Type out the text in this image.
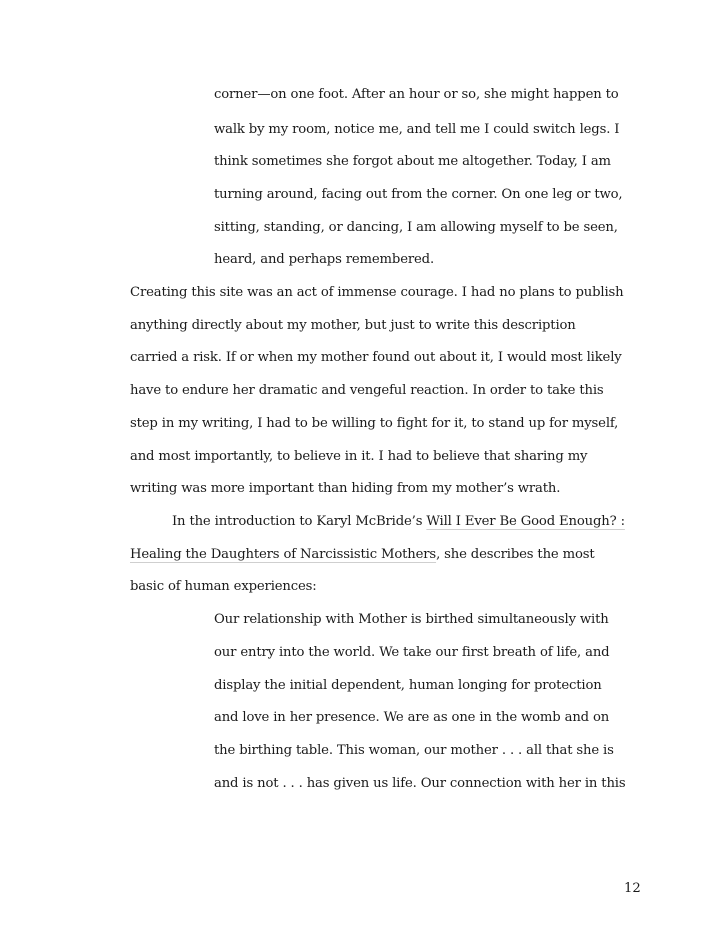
corner—on one foot. After an hour or so, she might happen to
walk by my room, notice me, and tell me I could switch legs. I
think sometimes she forgot about me altogether. Today, I am
turning around, facing out from the corner. On one leg or two,
sitting, standing, or dancing, I am allowing myself to be seen,
heard, and perhaps remembered.
Creating this site was an act of immense courage. I had no plans to publish
anything directly about my mother, but just to write this description
carried a risk. If or when my mother found out about it, I would most likely
have to endure her dramatic and vengeful reaction. In order to take this
step in my writing, I had to be willing to fight for it, to stand up for myself,
and most importantly, to believe in it. I had to believe that sharing my
writing was more important than hiding from my mother’s wrath.
In the introduction to Karyl McBride’s Will I Ever Be Good Enough? :
Healing the Daughters of Narcissistic Mothers, she describes the most
basic of human experiences:
Our relationship with Mother is birthed simultaneously with
our entry into the world. We take our first breath of life, and
display the initial dependent, human longing for protection
and love in her presence. We are as one in the womb and on
the birthing table. This woman, our mother . . . all that she is
and is not . . . has given us life. Our connection with her in this
12
